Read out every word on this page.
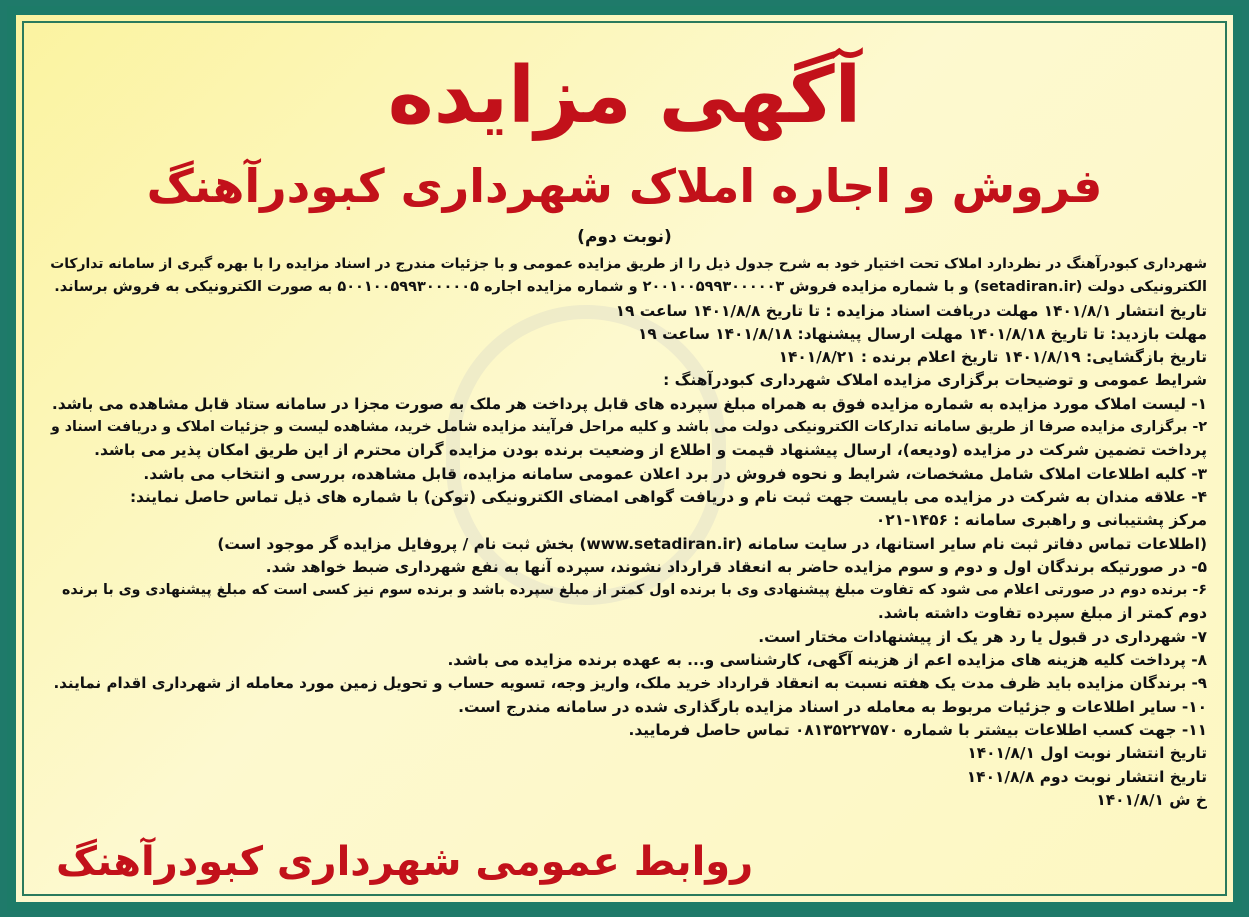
آگهی مزایده
فروش و اجاره املاک شهرداری کبودرآهنگ
(نوبت دوم)

شهرداری کبودرآهنگ در نظردارد املاک تحت اختیار خود به شرح جدول ذیل را از طریق مزایده عمومی و با جزئیات مندرج در اسناد مزایده را با بهره گیری از سامانه تدارکات

الکترونیکی دولت (setadiran.ir) و با شماره مزایده فروش ۲۰۰۱۰۰۵۹۹۳۰۰۰۰۰۳ و شماره مزایده اجاره ۵۰۰۱۰۰۵۹۹۳۰۰۰۰۰۵ به صورت الکترونیکی به فروش برساند.

تاریخ انتشار ۱۴۰۱/۸/۱ مهلت دریافت اسناد مزایده : تا تاریخ ۱۴۰۱/۸/۸ ساعت ۱۹

مهلت بازدید: تا تاریخ ۱۴۰۱/۸/۱۸ مهلت ارسال پیشنهاد: ۱۴۰۱/۸/۱۸ ساعت ۱۹

تاریخ بازگشایی: ۱۴۰۱/۸/۱۹ تاریخ اعلام برنده : ۱۴۰۱/۸/۲۱

شرایط عمومی و توضیحات برگزاری مزایده املاک شهرداری کبودرآهنگ :

۱- لیست املاک مورد مزایده به شماره مزایده فوق به همراه مبلغ سپرده های قابل پرداخت هر ملک به صورت مجزا در سامانه ستاد قابل مشاهده می باشد.

۲- برگزاری مزایده صرفا از طریق سامانه تدارکات الکترونیکی دولت می باشد و کلیه مراحل فرآیند مزایده شامل خرید، مشاهده لیست و جزئیات املاک و دریافت اسناد و

پرداخت تضمین شرکت در مزایده (ودیعه)، ارسال پیشنهاد قیمت و اطلاع از وضعیت برنده بودن مزایده گران محترم از این طریق امکان پذیر می باشد.

۳- کلیه اطلاعات املاک شامل مشخصات، شرایط و نحوه فروش در برد اعلان عمومی سامانه مزایده، قابل مشاهده، بررسی و انتخاب می باشد.

۴- علاقه مندان به شرکت در مزایده می بایست جهت ثبت نام و دریافت گواهی امضای الکترونیکی (توکن) با شماره های ذیل تماس حاصل نمایند:

مرکز پشتیبانی و راهبری سامانه : ۱۴۵۶-۰۲۱

(اطلاعات تماس دفاتر ثبت نام سایر استانها، در سایت سامانه (www.setadiran.ir) بخش ثبت نام / پروفایل مزایده گر موجود است)

۵- در صورتیکه برندگان اول و دوم و سوم مزایده حاضر به انعقاد قرارداد نشوند، سپرده آنها به نفع شهرداری ضبط خواهد شد.

۶- برنده دوم در صورتی اعلام می شود که تفاوت مبلغ پیشنهادی وی با برنده اول کمتر از مبلغ سپرده باشد و برنده سوم نیز کسی است که مبلغ پیشنهادی وی با برنده

دوم کمتر از مبلغ سپرده تفاوت داشته باشد.

۷- شهرداری در قبول یا رد هر یک از پیشنهادات مختار است.

۸- پرداخت کلیه هزینه های مزایده اعم از هزینه آگهی، کارشناسی و... به عهده برنده مزایده می باشد.

۹- برندگان مزایده باید ظرف مدت یک هفته نسبت به انعقاد قرارداد خرید ملک، واریز وجه، تسویه حساب و تحویل زمین مورد معامله از شهرداری اقدام نمایند.

۱۰- سایر اطلاعات و جزئیات مربوط به معامله در اسناد مزایده بارگذاری شده در سامانه مندرج است.

۱۱- جهت کسب اطلاعات بیشتر با شماره ۰۸۱۳۵۲۲۷۵۷۰ تماس حاصل فرمایید.

تاریخ انتشار نوبت اول ۱۴۰۱/۸/۱

تاریخ انتشار نوبت دوم ۱۴۰۱/۸/۸

خ ش ۱۴۰۱/۸/۱

روابط عمومی شهرداری کبودرآهنگ
